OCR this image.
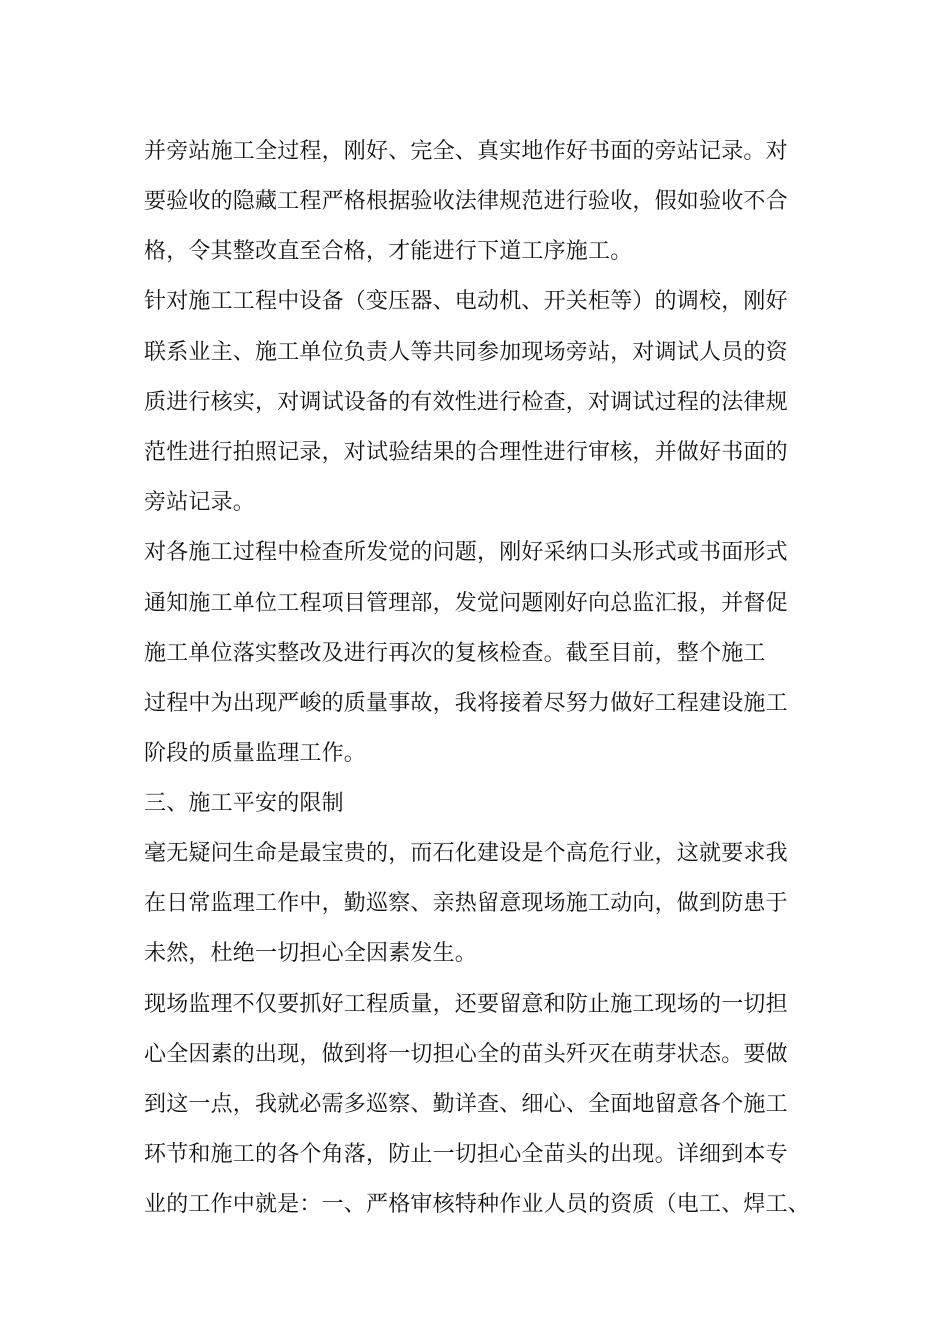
并旁站施工全过程，刚好、完全、真实地作好书面的旁站记录。对
要验收的隐藏工程严格根据验收法律规范进行验收，假如验收不合
格，令其整改直至合格，才能进行下道工序施工。
针对施工工程中设备（变压器、电动机、开关柜等）的调校，刚好
联系业主、施工单位负责人等共同参加现场旁站，对调试人员的资
质进行核实，对调试设备的有效性进行检查，对调试过程的法律规
范性进行拍照记录，对试验结果的合理性进行审核，并做好书面的
旁站记录。
对各施工过程中检查所发觉的问题，刚好采纳口头形式或书面形式
通知施工单位工程项目管理部，发觉问题刚好向总监汇报，并督促
施工单位落实整改及进行再次的复核检查。截至目前，整个施工
过程中为出现严峻的质量事故，我将接着尽努力做好工程建设施工
阶段的质量监理工作。
三、施工平安的限制
毫无疑问生命是最宝贵的，而石化建设是个高危行业，这就要求我
在日常监理工作中，勤巡察、亲热留意现场施工动向，做到防患于
未然，杜绝一切担心全因素发生。
现场监理不仅要抓好工程质量，还要留意和防止施工现场的一切担
心全因素的出现，做到将一切担心全的苗头歼灭在萌芽状态。要做
到这一点，我就必需多巡察、勤详查、细心、全面地留意各个施工
环节和施工的各个角落，防止一切担心全苗头的出现。详细到本专
业的工作中就是：一、严格审核特种作业人员的资质（电工、焊工、
